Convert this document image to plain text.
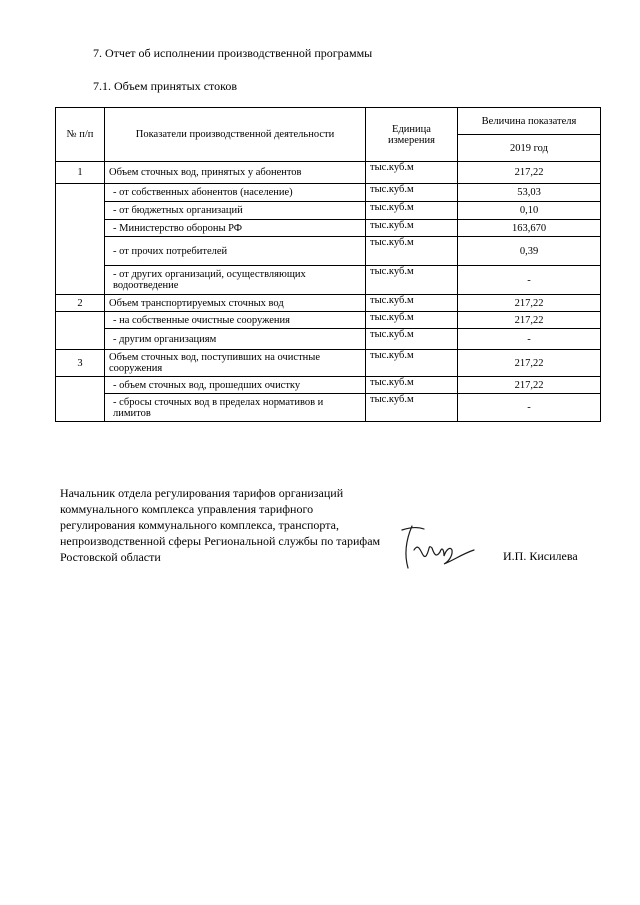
7. Отчет об исполнении производственной программы
7.1. Объем принятых стоков
№ п/п	Показатели производственной деятельности	Единица измерения	Величина показателя
			2019 год
1	Объем сточных вод, принятых у абонентов	тыс.куб.м	217,22
	- от собственных абонентов (население)	тыс.куб.м	53,03
	- от бюджетных организаций	тыс.куб.м	0,10
	- Министерство обороны РФ	тыс.куб.м	163,670
	- от прочих потребителей	тыс.куб.м	0,39
	- от других организаций, осуществляющих водоотведение	тыс.куб.м	-
2	Объем транспортируемых сточных вод	тыс.куб.м	217,22
	- на собственные очистные сооружения	тыс.куб.м	217,22
	- другим организациям	тыс.куб.м	-
3	Объем сточных вод, поступивших на очистные сооружения	тыс.куб.м	217,22
	- объем сточных вод, прошедших очистку	тыс.куб.м	217,22
	- сбросы сточных вод в пределах нормативов и лимитов	тыс.куб.м	-
Начальник отдела регулирования тарифов организаций коммунального комплекса управления тарифного регулирования коммунального комплекса, транспорта, непроизводственной сферы Региональной службы по тарифам Ростовской области	И.П. Кисилева
